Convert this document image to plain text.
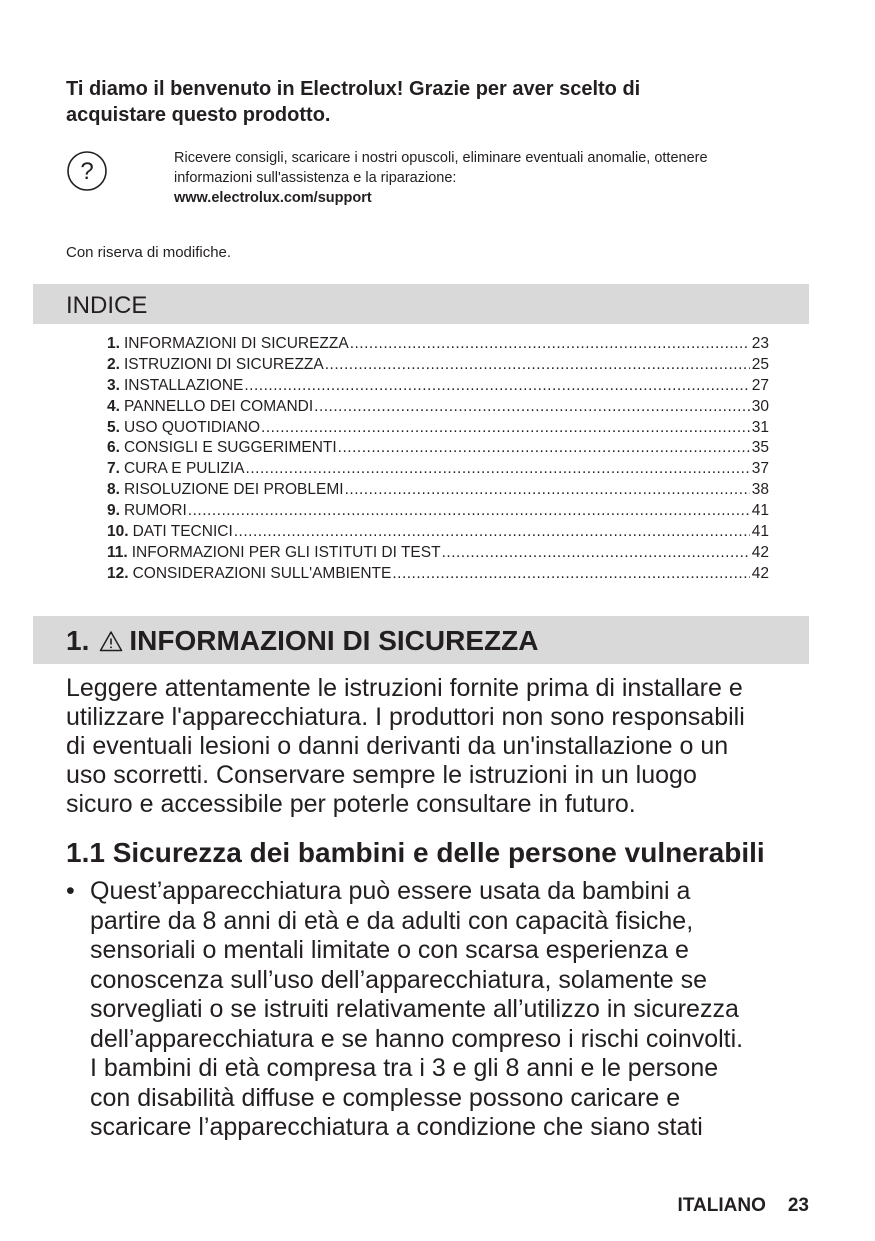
Ti diamo il benvenuto in Electrolux! Grazie per aver scelto di
acquistare questo prodotto.
?	Ricevere consigli, scaricare i nostri opuscoli, eliminare eventuali anomalie, ottenere
informazioni sull'assistenza e la riparazione:
www.electrolux.com/support
Con riserva di modifiche.
INDICE
1. INFORMAZIONI DI SICUREZZA .....	23
2. ISTRUZIONI DI SICUREZZA .....	25
3. INSTALLAZIONE .....	27
4. PANNELLO DEI COMANDI .....	30
5. USO QUOTIDIANO .....	31
6. CONSIGLI E SUGGERIMENTI .....	35
7. CURA E PULIZIA .....	37
8. RISOLUZIONE DEI PROBLEMI .....	38
9. RUMORI .....	41
10. DATI TECNICI .....	41
11. INFORMAZIONI PER GLI ISTITUTI DI TEST .....	42
12. CONSIDERAZIONI SULL'AMBIENTE .....	42
1. INFORMAZIONI DI SICUREZZA
Leggere attentamente le istruzioni fornite prima di installare e
utilizzare l'apparecchiatura. I produttori non sono responsabili
di eventuali lesioni o danni derivanti da un'installazione o un
uso scorretti. Conservare sempre le istruzioni in un luogo
sicuro e accessibile per poterle consultare in futuro.
1.1 Sicurezza dei bambini e delle persone vulnerabili
• Quest’apparecchiatura può essere usata da bambini a
partire da 8 anni di età e da adulti con capacità fisiche,
sensoriali o mentali limitate o con scarsa esperienza e
conoscenza sull’uso dell’apparecchiatura, solamente se
sorvegliati o se istruiti relativamente all’utilizzo in sicurezza
dell’apparecchiatura e se hanno compreso i rischi coinvolti.
I bambini di età compresa tra i 3 e gli 8 anni e le persone
con disabilità diffuse e complesse possono caricare e
scaricare l’apparecchiatura a condizione che siano stati
ITALIANO 23
